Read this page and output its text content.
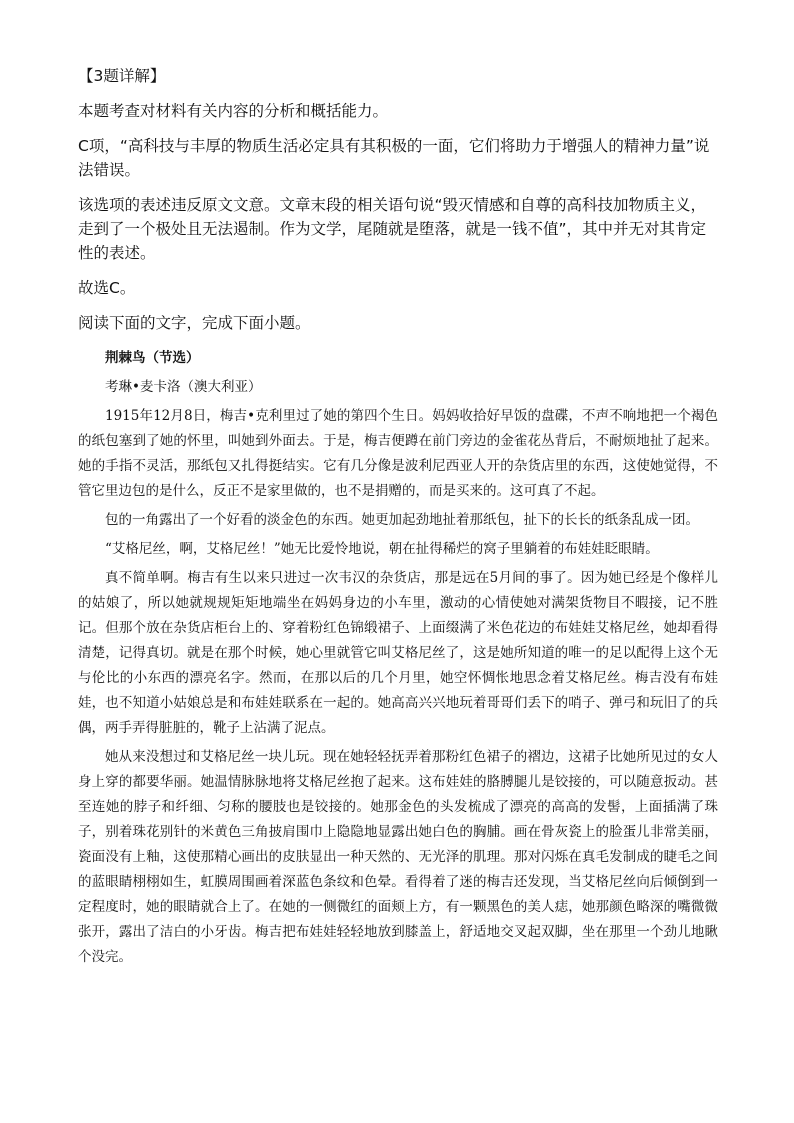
【3题详解】

本题考查对材料有关内容的分析和概括能力。

C项，“高科技与丰厚的物质生活必定具有其积极的一面，它们将助力于增强人的精神力量”说法错误。

该选项的表述违反原文文意。文章末段的相关语句说“毁灭情感和自尊的高科技加物质主义，走到了一个极处且无法遏制。作为文学，尾随就是堕落，就是一钱不值”，其中并无对其肯定性的表述。

故选C。

阅读下面的文字，完成下面小题。

荆棘鸟（节选）

考琳•麦卡洛（澳大利亚）

1915年12月8日，梅吉•克利里过了她的第四个生日。妈妈收拾好早饭的盘碟，不声不响地把一个褐色的纸包塞到了她的怀里，叫她到外面去。于是，梅吉便蹲在前门旁边的金雀花丛背后，不耐烦地扯了起来。她的手指不灵活，那纸包又扎得挺结实。它有几分像是波利尼西亚人开的杂货店里的东西，这使她觉得，不管它里边包的是什么，反正不是家里做的，也不是捐赠的，而是买来的。这可真了不起。

包的一角露出了一个好看的淡金色的东西。她更加起劲地扯着那纸包，扯下的长长的纸条乱成一团。

“艾格尼丝，啊，艾格尼丝！”她无比爱怜地说，朝在扯得稀烂的窝子里躺着的布娃娃眨眼睛。

真不简单啊。梅吉有生以来只进过一次韦汉的杂货店，那是远在5月间的事了。因为她已经是个像样儿的姑娘了，所以她就规规矩矩地端坐在妈妈身边的小车里，激动的心情使她对满架货物目不暇接，记不胜记。但那个放在杂货店柜台上的、穿着粉红色锦缎裙子、上面缀满了米色花边的布娃娃艾格尼丝，她却看得清楚，记得真切。就是在那个时候，她心里就管它叫艾格尼丝了，这是她所知道的唯一的足以配得上这个无与伦比的小东西的漂亮名字。然而，在那以后的几个月里，她空怀惆怅地思念着艾格尼丝。梅吉没有布娃娃，也不知道小姑娘总是和布娃娃联系在一起的。她高高兴兴地玩着哥哥们丢下的哨子、弹弓和玩旧了的兵偶，两手弄得脏脏的，靴子上沾满了泥点。

她从来没想过和艾格尼丝一块儿玩。现在她轻轻抚弄着那粉红色裙子的褶边，这裙子比她所见过的女人身上穿的都要华丽。她温情脉脉地将艾格尼丝抱了起来。这布娃娃的胳膊腿儿是铰接的，可以随意扳动。甚至连她的脖子和纤细、匀称的腰肢也是铰接的。她那金色的头发梳成了漂亮的高高的发髻，上面插满了珠子，别着珠花别针的米黄色三角披肩围巾上隐隐地显露出她白色的胸脯。画在骨灰瓷上的脸蛋儿非常美丽，瓷面没有上釉，这使那精心画出的皮肤显出一种天然的、无光泽的肌理。那对闪烁在真毛发制成的睫毛之间的蓝眼睛栩栩如生，虹膜周围画着深蓝色条纹和色晕。看得着了迷的梅吉还发现，当艾格尼丝向后倾倒到一定程度时，她的眼睛就合上了。在她的一侧微红的面颊上方，有一颗黑色的美人痣，她那颜色略深的嘴微微张开，露出了洁白的小牙齿。梅吉把布娃娃轻轻地放到膝盖上，舒适地交叉起双脚，坐在那里一个劲儿地瞅个没完。
